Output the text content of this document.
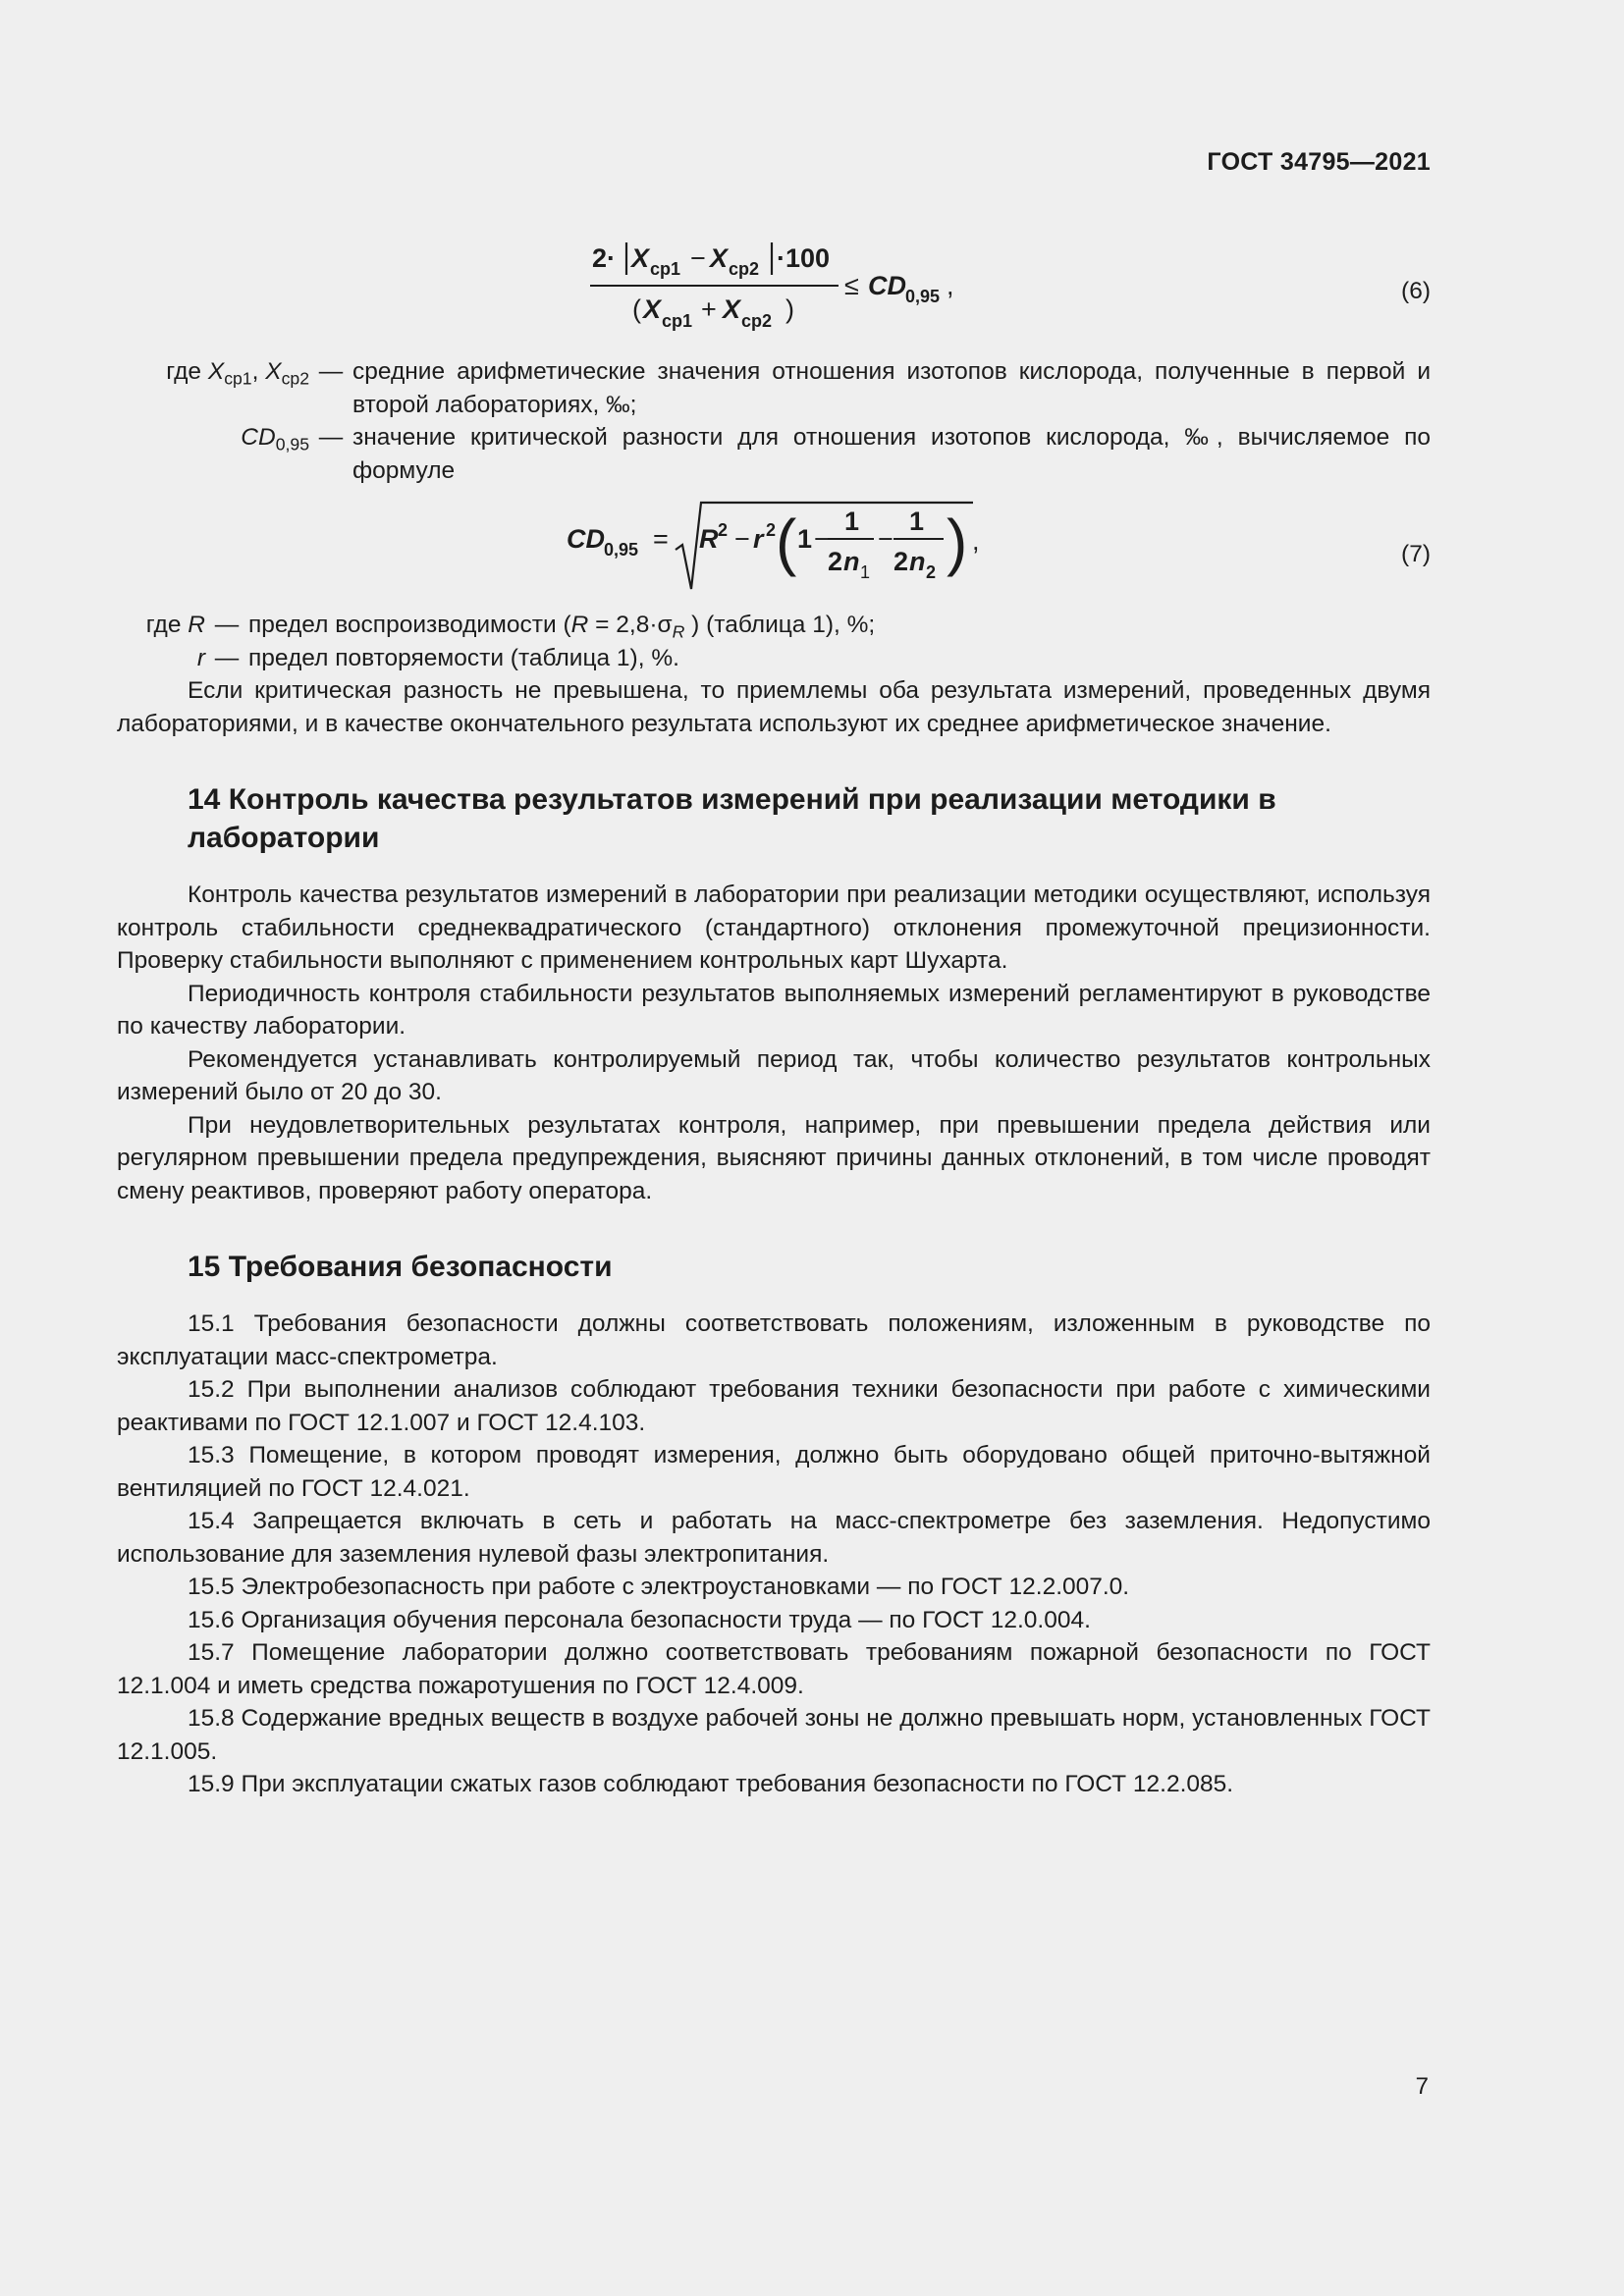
ГОСТ 34795—2021
2· X ср1 − X ср2 ·100
( X ср1 + X ср2 )
≤ CD 0,95 ,	(6)
где $X_{ср1}$, $X_{ср2}$ — средние арифметические значения отношения изотопов кислорода, полученные в первой и второй лабораториях, ‰;
$CD_{0,95}$ — значение критической разности для отношения изотопов кислорода, ‰, вычисляемое по формуле
CD 0,95 = R 2 − r 2 ( 1 −
1
2 n 1
−
1
2 n 2 ) ,	(7)
где R — предел воспроизводимости ($R = 2,8\cdot\sigma_R$ ) (таблица 1), %;
r — предел повторяемости (таблица 1), %.

Если критическая разность не превышена, то приемлемы оба результата измерений, проведенных двумя лабораториями, и в качестве окончательного результата используют их среднее арифметическое значение.

14 Контроль качества результатов измерений при реализации методики в лаборатории

Контроль качества результатов измерений в лаборатории при реализации методики осуществляют, используя контроль стабильности среднеквадратического (стандартного) отклонения промежуточной прецизионности. Проверку стабильности выполняют с применением контрольных карт Шухарта.

Периодичность контроля стабильности результатов выполняемых измерений регламентируют в руководстве по качеству лаборатории.

Рекомендуется устанавливать контролируемый период так, чтобы количество результатов контрольных измерений было от 20 до 30.

При неудовлетворительных результатах контроля, например, при превышении предела действия или регулярном превышении предела предупреждения, выясняют причины данных отклонений, в том числе проводят смену реактивов, проверяют работу оператора.

15 Требования безопасности

15.1 Требования безопасности должны соответствовать положениям, изложенным в руководстве по эксплуатации масс-спектрометра.

15.2 При выполнении анализов соблюдают требования техники безопасности при работе с химическими реактивами по ГОСТ 12.1.007 и ГОСТ 12.4.103.

15.3 Помещение, в котором проводят измерения, должно быть оборудовано общей приточно-вытяжной вентиляцией по ГОСТ 12.4.021.

15.4 Запрещается включать в сеть и работать на масс-спектрометре без заземления. Недопустимо использование для заземления нулевой фазы электропитания.

15.5 Электробезопасность при работе с электроустановками — по ГОСТ 12.2.007.0.

15.6 Организация обучения персонала безопасности труда — по ГОСТ 12.0.004.

15.7 Помещение лаборатории должно соответствовать требованиям пожарной безопасности по ГОСТ 12.1.004 и иметь средства пожаротушения по ГОСТ 12.4.009.

15.8 Содержание вредных веществ в воздухе рабочей зоны не должно превышать норм, установленных ГОСТ 12.1.005.

15.9 При эксплуатации сжатых газов соблюдают требования безопасности по ГОСТ 12.2.085.

7
